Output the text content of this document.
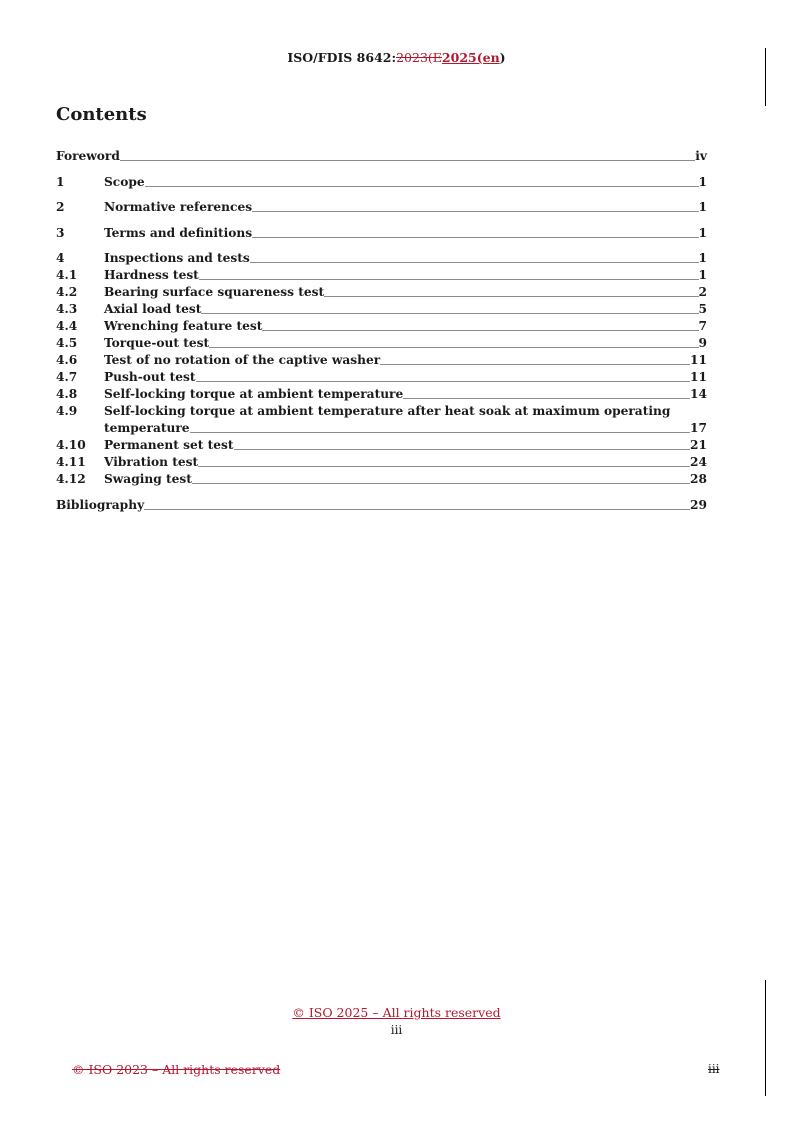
ISO/FDIS 8642:2023(E2025(en)
Contents
Foreword	iv
1	Scope	1
2	Normative references	1
3	Terms and definitions	1
4	Inspections and tests	1
4.1	Hardness test	1
4.2	Bearing surface squareness test	2
4.3	Axial load test	5
4.4	Wrenching feature test	7
4.5	Torque-out test	9
4.6	Test of no rotation of the captive washer	11
4.7	Push-out test	11
4.8	Self-locking torque at ambient temperature	14
4.9	Self-locking torque at ambient temperature after heat soak at maximum operating
temperature	17
4.10	Permanent set test	21
4.11	Vibration test	24
4.12	Swaging test	28
Bibliography	29
© ISO 2025 – All rights reserved
iii
© ISO 2023 – All rights reserved	iii
